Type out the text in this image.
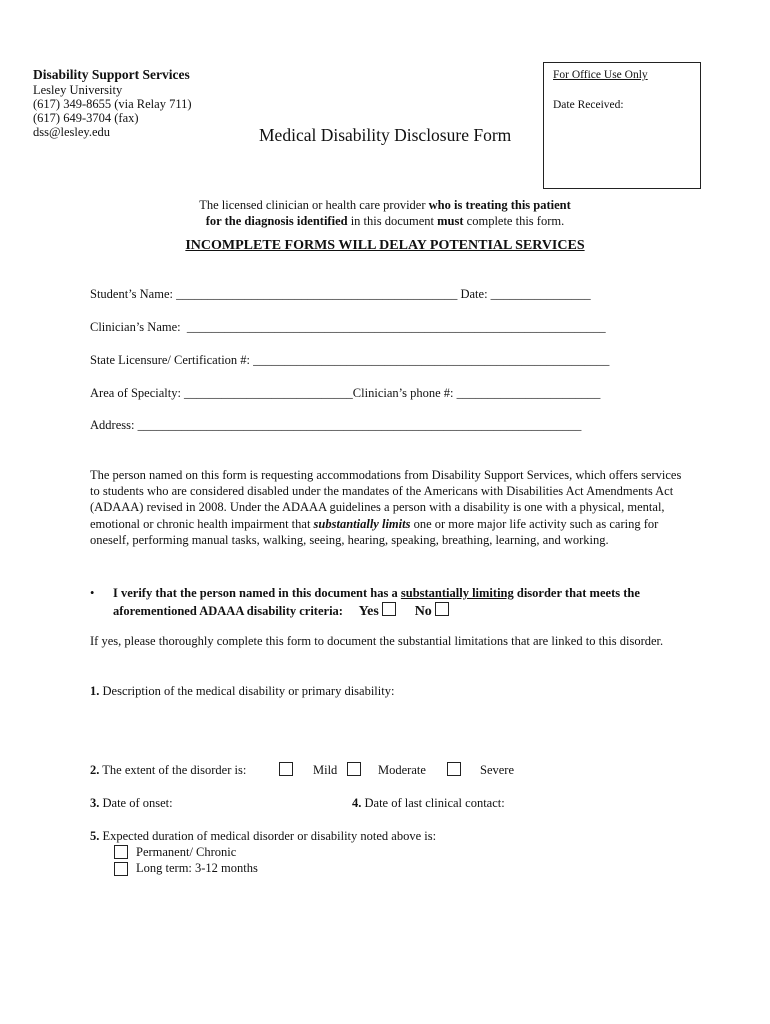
Disability Support Services
Lesley University
(617) 349-8655 (via Relay 711)
(617) 649-3704 (fax)
dss@lesley.edu
For Office Use Only
Date Received:
Medical Disability Disclosure Form
The licensed clinician or health care provider who is treating this patient
for the diagnosis identified in this document must complete this form.
INCOMPLETE FORMS WILL DELAY POTENTIAL SERVICES
Student’s Name: _____________________________________________ Date: ________________
Clinician’s Name:  ___________________________________________________________________
State Licensure/ Certification #: _________________________________________________________
Area of Specialty: ___________________________Clinician’s phone #: _______________________
Address: _______________________________________________________________________
The person named on this form is requesting accommodations from Disability Support Services, which offers services to students who are considered disabled under the mandates of the Americans with Disabilities Act Amendments Act (ADAAA) revised in 2008. Under the ADAAA guidelines a person with a disability is one with a physical, mental, emotional or chronic health impairment that substantially limits one or more major life activity such as caring for oneself, performing manual tasks, walking, seeing, hearing, speaking, breathing, learning, and working.
• I verify that the person named in this document has a substantially limiting disorder that meets the aforementioned ADAAA disability criteria: Yes	No
If yes, please thoroughly complete this form to document the substantial limitations that are linked to this disorder.
1. Description of the medical disability or primary disability:
2. The extent of the disorder is:	Mild	Moderate	Severe
3. Date of onset:	4. Date of last clinical contact:
5. Expected duration of medical disorder or disability noted above is:
Permanent/ Chronic
Long term: 3-12 months
